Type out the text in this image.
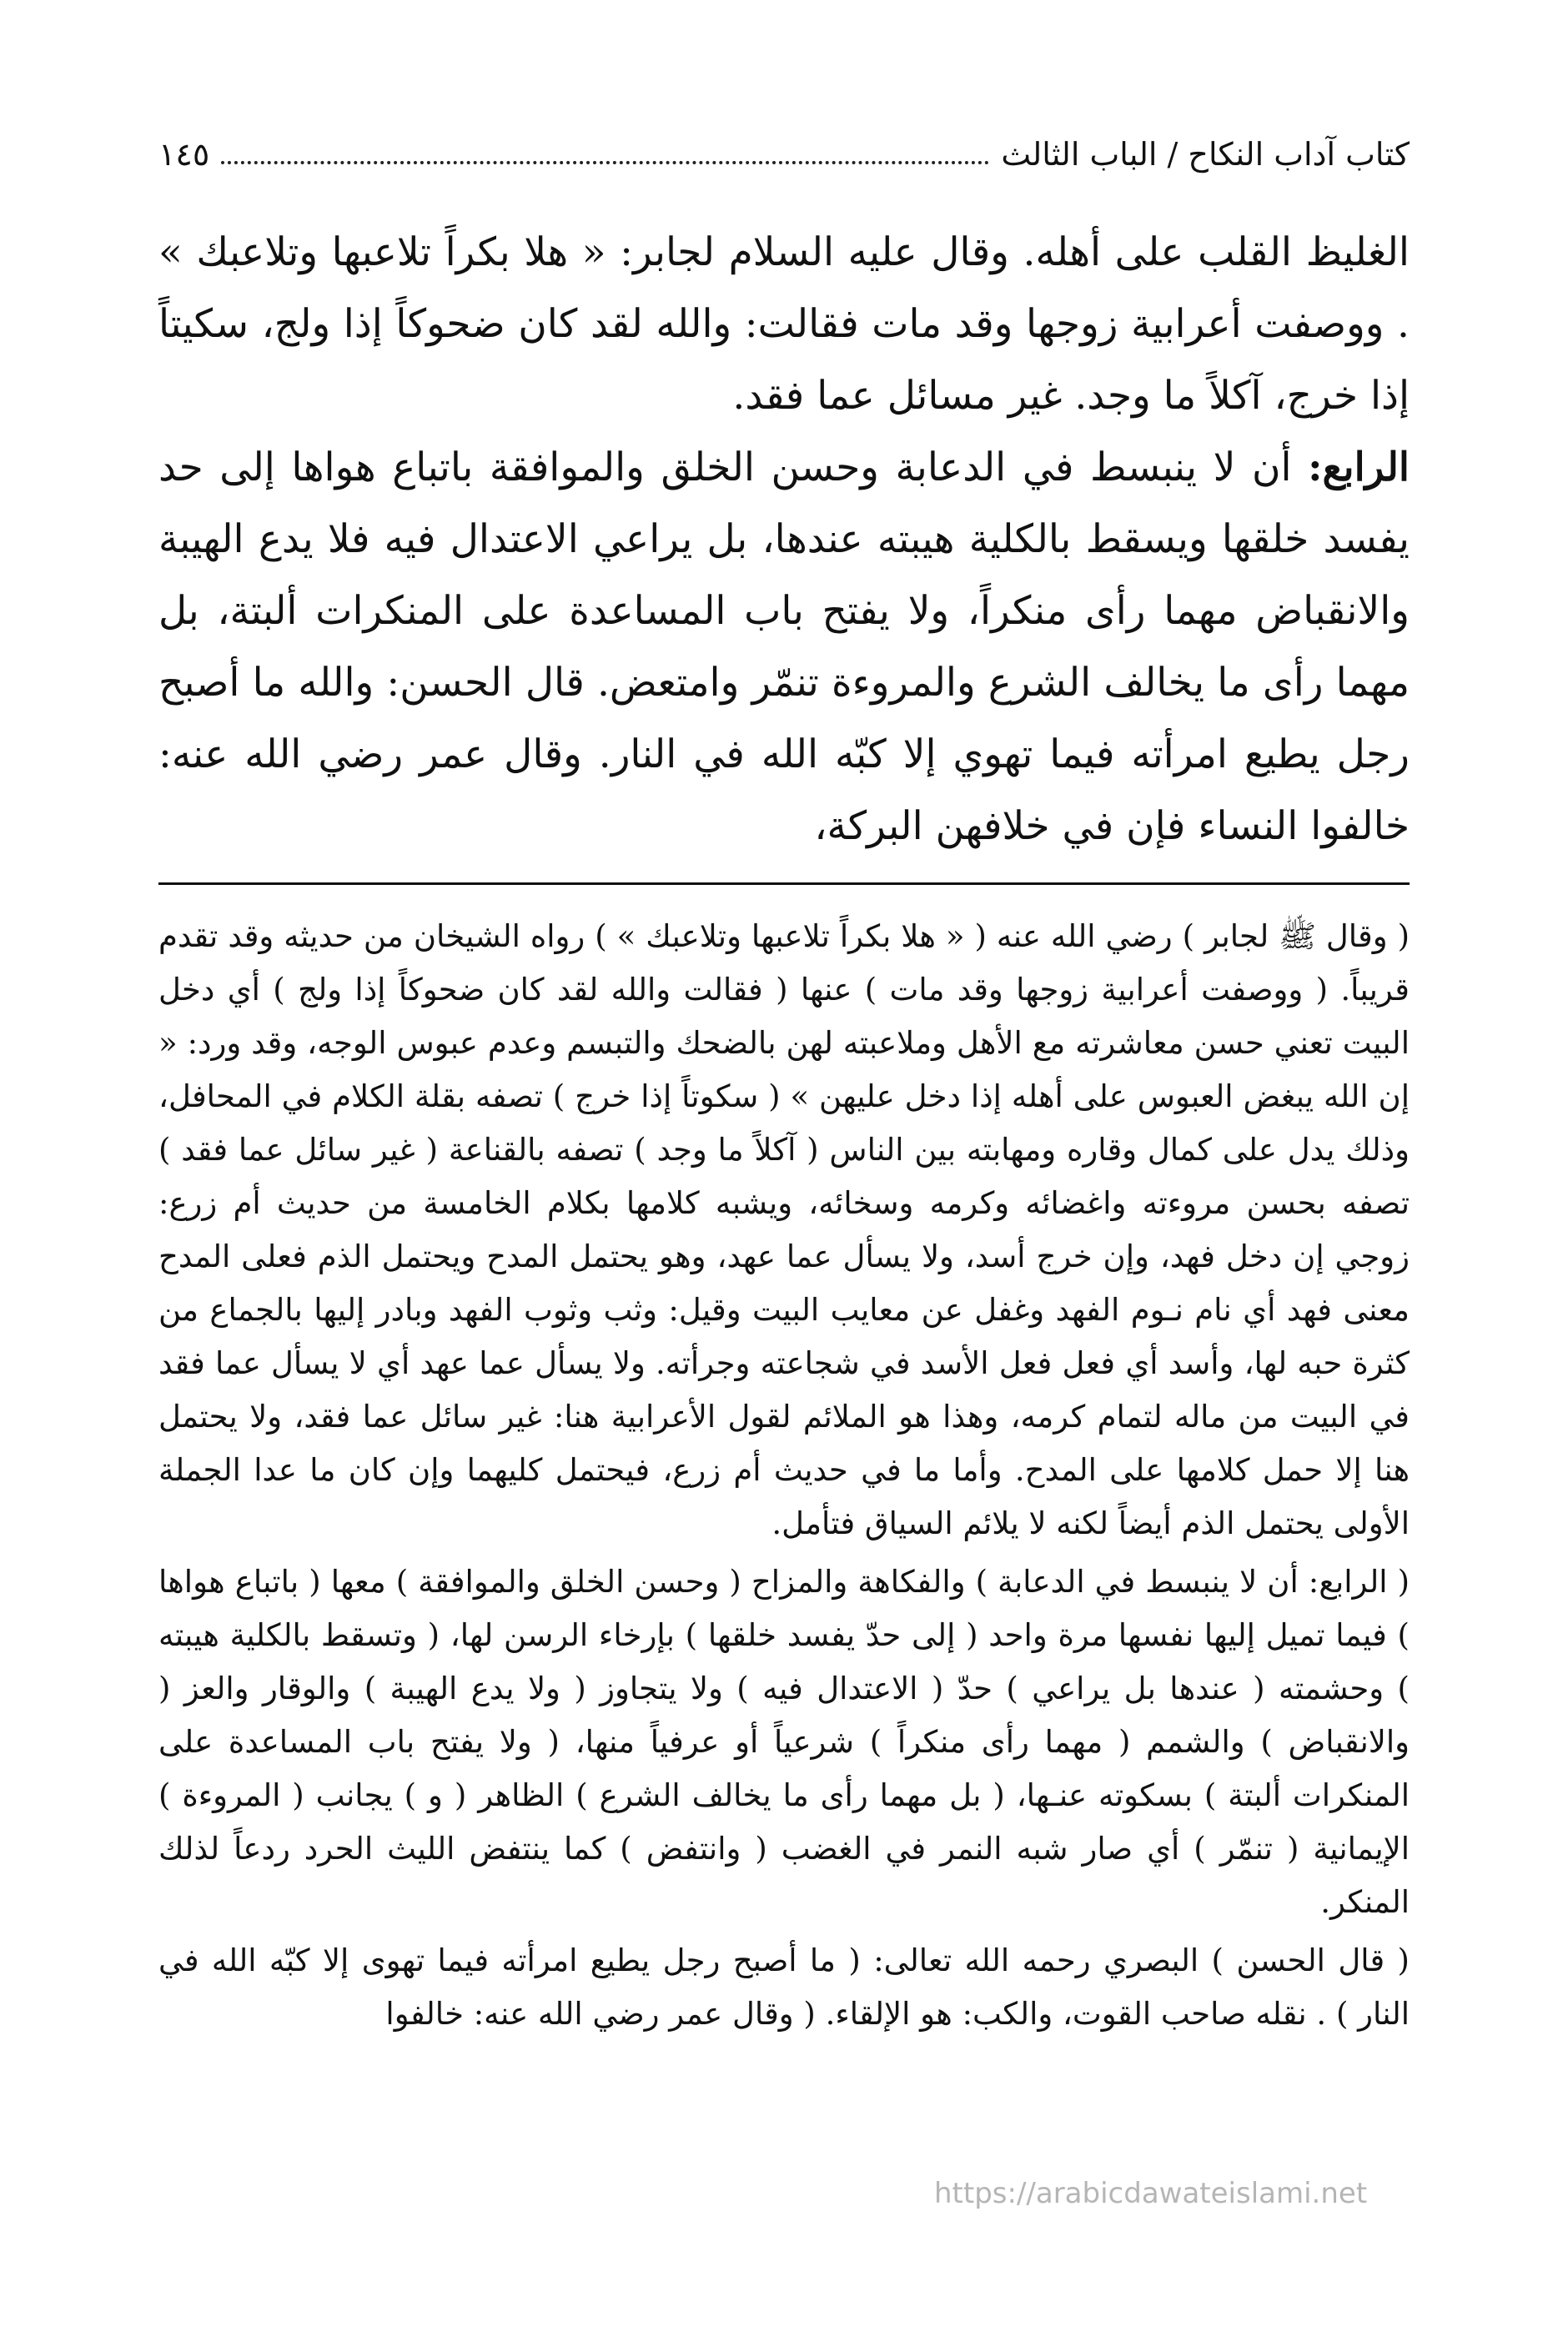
كتاب آداب النكاح / الباب الثالث
١٤٥

الغليظ القلب على أهله. وقال عليه السلام لجابر: « هلا بكراً تلاعبها وتلاعبك » . ووصفت أعرابية زوجها وقد مات فقالت: والله لقد كان ضحوكاً إذا ولج، سكيتاً إذا خرج، آكلاً ما وجد. غير مسائل عما فقد.

الرابع: أن لا ينبسط في الدعابة وحسن الخلق والموافقة باتباع هواها إلى حد يفسد خلقها ويسقط بالكلية هيبته عندها، بل يراعي الاعتدال فيه فلا يدع الهيبة والانقباض مهما رأى منكراً، ولا يفتح باب المساعدة على المنكرات ألبتة، بل مهما رأى ما يخالف الشرع والمروءة تنمّر وامتعض. قال الحسن: والله ما أصبح رجل يطيع امرأته فيما تهوي إلا كبّه الله في النار. وقال عمر رضي الله عنه: خالفوا النساء فإن في خلافهن البركة،

( وقال ﷺ لجابر ) رضي الله عنه ( « هلا بكراً تلاعبها وتلاعبك » ) رواه الشيخان من حديثه وقد تقدم قريباً. ( ووصفت أعرابية زوجها وقد مات ) عنها ( فقالت والله لقد كان ضحوكاً إذا ولج ) أي دخل البيت تعني حسن معاشرته مع الأهل وملاعبته لهن بالضحك والتبسم وعدم عبوس الوجه، وقد ورد: « إن الله يبغض العبوس على أهله إذا دخل عليهن » ( سكوتاً إذا خرج ) تصفه بقلة الكلام في المحافل، وذلك يدل على كمال وقاره ومهابته بين الناس ( آكلاً ما وجد ) تصفه بالقناعة ( غير سائل عما فقد ) تصفه بحسن مروءته واغضائه وكرمه وسخائه، ويشبه كلامها بكلام الخامسة من حديث أم زرع: زوجي إن دخل فهد، وإن خرج أسد، ولا يسأل عما عهد، وهو يحتمل المدح ويحتمل الذم فعلى المدح معنى فهد أي نام نـوم الفهد وغفل عن معايب البيت وقيل: وثب وثوب الفهد وبادر إليها بالجماع من كثرة حبه لها، وأسد أي فعل فعل الأسد في شجاعته وجرأته. ولا يسأل عما عهد أي لا يسأل عما فقد في البيت من ماله لتمام كرمه، وهذا هو الملائم لقول الأعرابية هنا: غير سائل عما فقد، ولا يحتمل هنا إلا حمل كلامها على المدح. وأما ما في حديث أم زرع، فيحتمل كليهما وإن كان ما عدا الجملة الأولى يحتمل الذم أيضاً لكنه لا يلائم السياق فتأمل.

( الرابع: أن لا ينبسط في الدعابة ) والفكاهة والمزاح ( وحسن الخلق والموافقة ) معها ( باتباع هواها ) فيما تميل إليها نفسها مرة واحد ( إلى حدّ يفسد خلقها ) بإرخاء الرسن لها، ( وتسقط بالكلية هيبته ) وحشمته ( عندها بل يراعي ) حدّ ( الاعتدال فيه ) ولا يتجاوز ( ولا يدع الهيبة ) والوقار والعز ( والانقباض ) والشمم ( مهما رأى منكراً ) شرعياً أو عرفياً منها، ( ولا يفتح باب المساعدة على المنكرات ألبتة ) بسكوته عنـها، ( بل مهما رأى ما يخالف الشرع ) الظاهر ( و ) يجانب ( المروءة ) الإيمانية ( تنمّر ) أي صار شبه النمر في الغضب ( وانتفض ) كما ينتفض الليث الحرد ردعاً لذلك المنكر.

( قال الحسن ) البصري رحمه الله تعالى: ( ما أصبح رجل يطيع امرأته فيما تهوى إلا كبّه الله في النار ) . نقله صاحب القوت، والكب: هو الإلقاء. ( وقال عمر رضي الله عنه: خالفوا

https://arabicdawateislami.net
